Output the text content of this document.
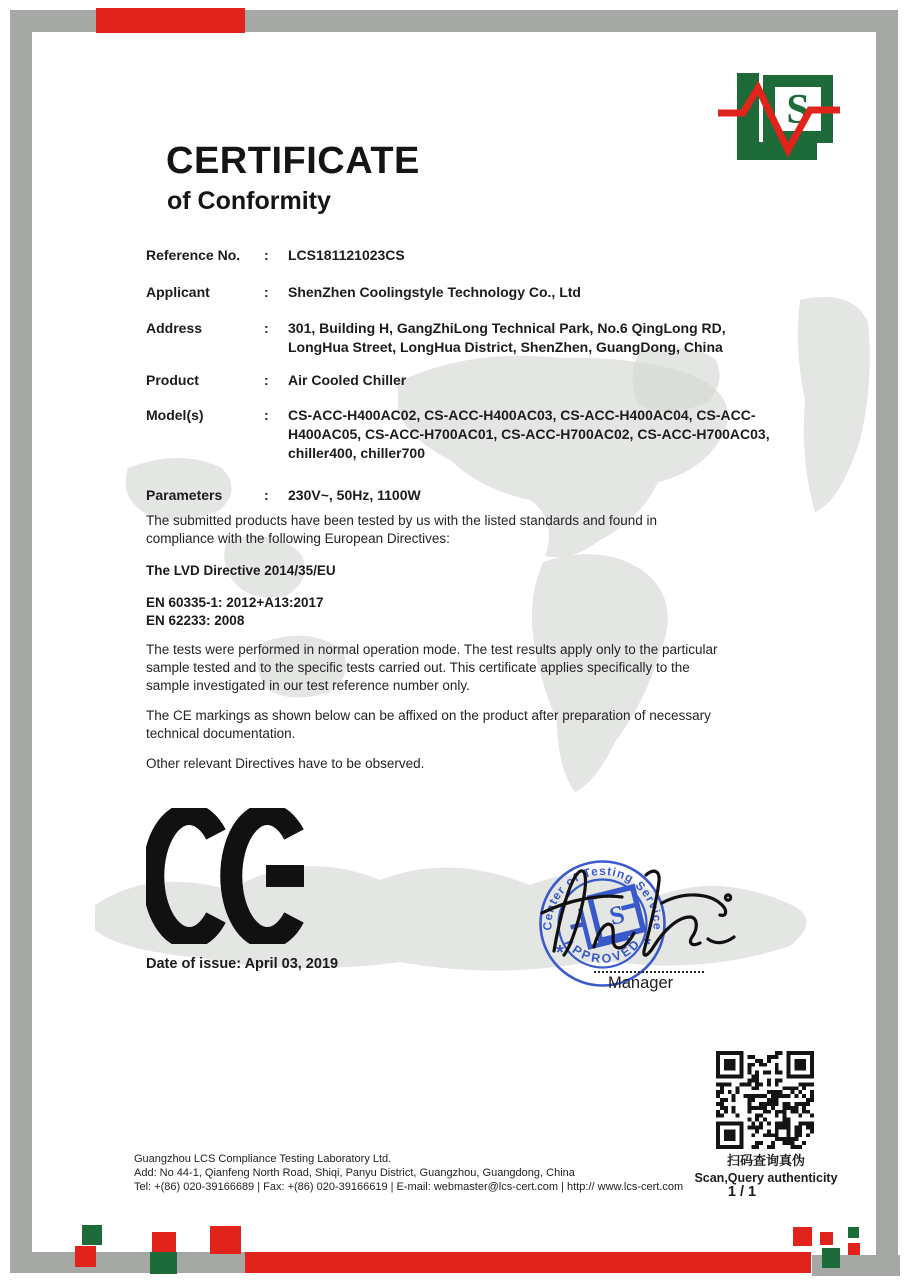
S
CERTIFICATE
of Conformity
Reference No.	:	LCS181121023CS
Applicant	:	ShenZhen Coolingstyle Technology Co., Ltd
Address	:	301, Building H, GangZhiLong Technical Park, No.6 QingLong RD, LongHua Street, LongHua District, ShenZhen, GuangDong, China
Product	:	Air Cooled Chiller
Model(s)	:	CS-ACC-H400AC02, CS-ACC-H400AC03, CS-ACC-H400AC04, CS-ACC-H400AC05, CS-ACC-H700AC01, CS-ACC-H700AC02, CS-ACC-H700AC03, chiller400, chiller700
Parameters	:	230V~, 50Hz, 1100W
The submitted products have been tested by us with the listed standards and found in compliance with the following European Directives:
The LVD Directive 2014/35/EU
EN 60335-1: 2012+A13:2017
EN 62233: 2008
The tests were performed in normal operation mode. The test results apply only to the particular sample tested and to the specific tests carried out. This certificate applies specifically to the sample investigated in our test reference number only.
The CE markings as shown below can be affixed on the product after preparation of necessary technical documentation.
Other relevant Directives have to be observed.
Date of issue: April 03, 2019
Center of Testing Service
APPROVED
*	*
S
Manager
扫码查询真伪
Scan,Query authenticity
1 / 1
Guangzhou LCS Compliance Testing Laboratory Ltd.
Add: No 44-1, Qianfeng North Road, Shiqi, Panyu District, Guangzhou, Guangdong, China
Tel: +(86) 020-39166689 | Fax: +(86) 020-39166619 | E-mail: webmaster@lcs-cert.com | http:// www.lcs-cert.com
